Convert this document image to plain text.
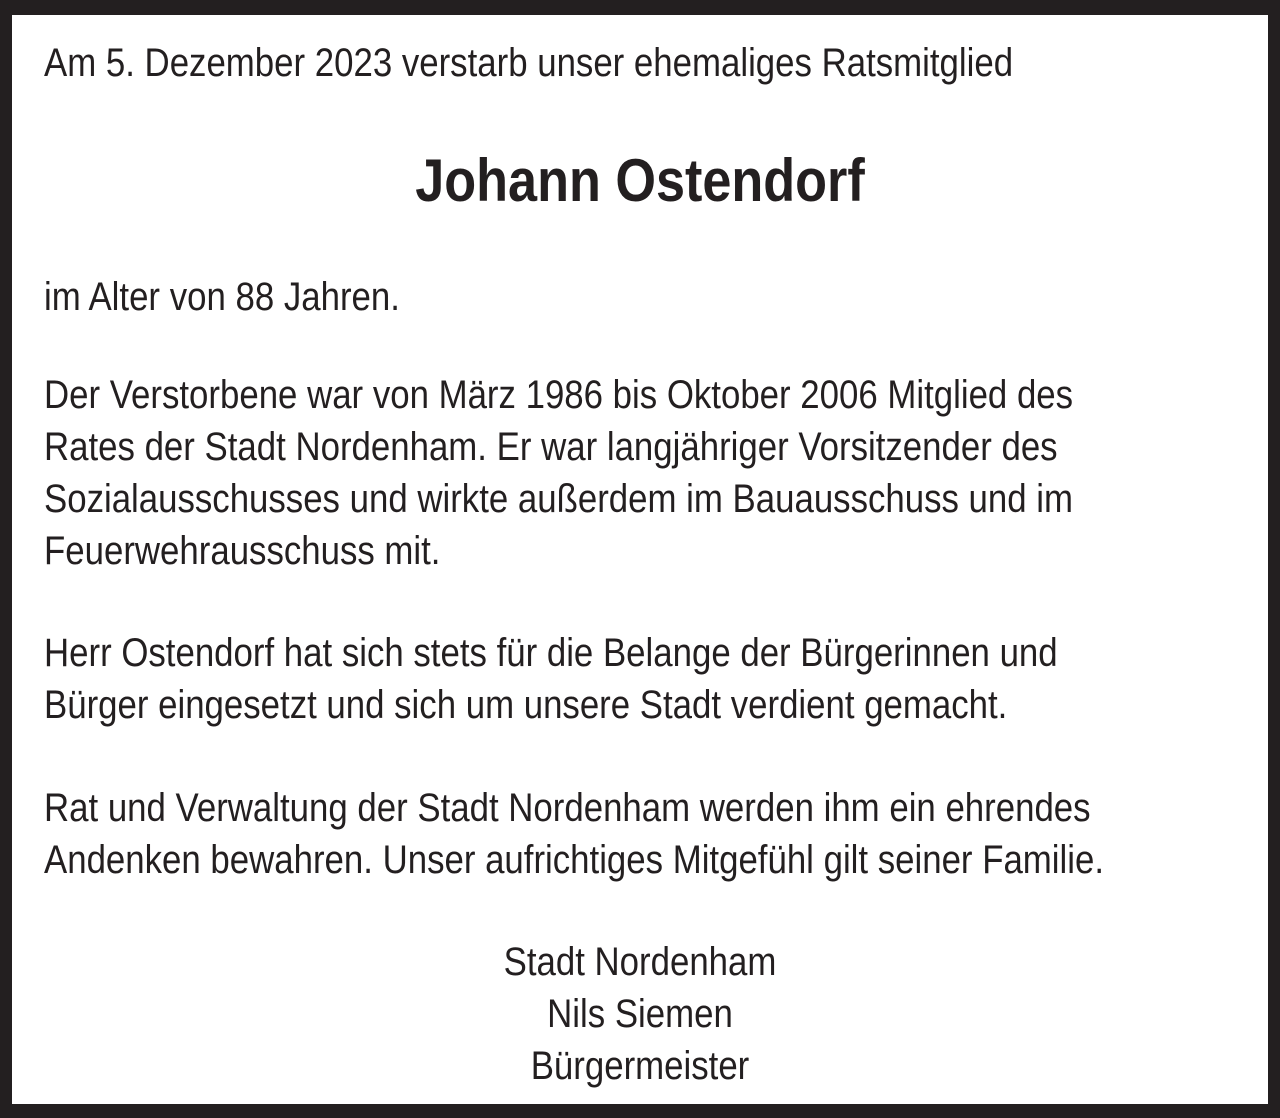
Am 5. Dezember 2023 verstarb unser ehemaliges Ratsmitglied

Johann Ostendorf

im Alter von 88 Jahren.

Der Verstorbene war von März 1986 bis Oktober 2006 Mitglied des

Rates der Stadt Nordenham. Er war langjähriger Vorsitzender des

Sozialausschusses und wirkte außerdem im Bauausschuss und im

Feuerwehrausschuss mit.

Herr Ostendorf hat sich stets für die Belange der Bürgerinnen und

Bürger eingesetzt und sich um unsere Stadt verdient gemacht.

Rat und Verwaltung der Stadt Nordenham werden ihm ein ehrendes

Andenken bewahren. Unser aufrichtiges Mitgefühl gilt seiner Familie.

Stadt Nordenham

Nils Siemen

Bürgermeister
